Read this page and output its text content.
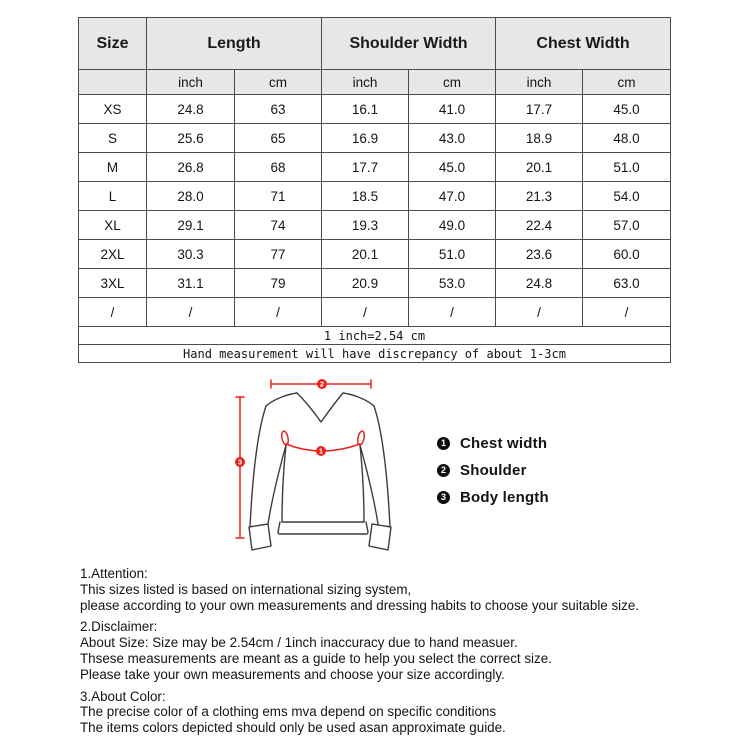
Size	Length		Shoulder Width		Chest Width	
	inch	cm	inch	cm	inch	cm
XS	24.8	63	16.1	41.0	17.7	45.0
S	25.6	65	16.9	43.0	18.9	48.0
M	26.8	68	17.7	45.0	20.1	51.0
L	28.0	71	18.5	47.0	21.3	54.0
XL	29.1	74	19.3	49.0	22.4	57.0
2XL	30.3	77	20.1	51.0	23.6	60.0
3XL	31.1	79	20.9	53.0	24.8	63.0
/	/	/	/	/	/	/
1 inch=2.54 cm						
Hand measurement will have discrepancy of about 1-3cm						
2
1
3
1 Chest width
2 Shoulder
3 Body length

1.Attention:

This sizes listed is based on international sizing system,

please according to your own measurements and dressing habits to choose your suitable size.

2.Disclaimer:

About Size: Size may be 2.54cm / 1inch inaccuracy due to hand measuer.

Thsese measurements are meant as a guide to help you select the correct size.

Please take your own measurements and choose your size accordingly.

3.About Color:

The precise color of a clothing ems mva depend on specific conditions

The items colors depicted should only be used asan approximate guide.
